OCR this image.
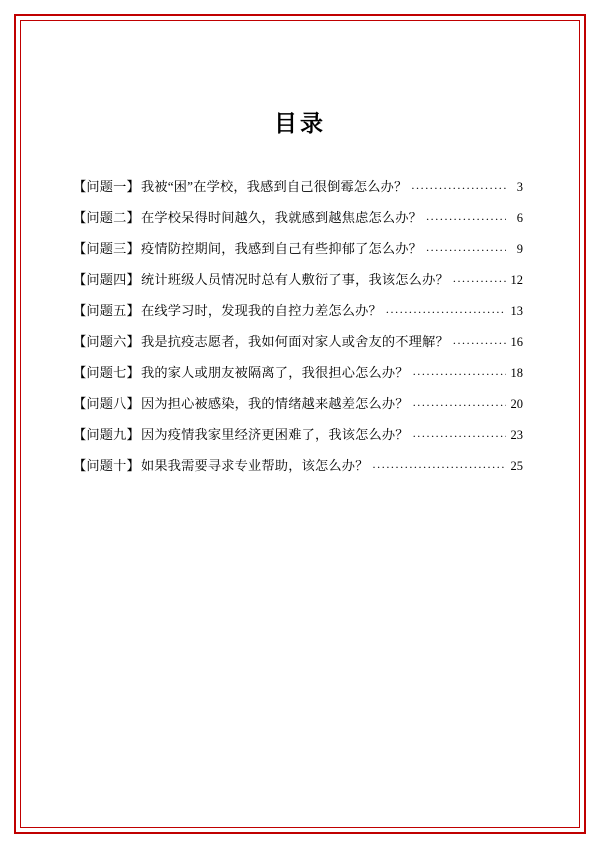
目录
【问题一】 我被“困”在学校，我感到自己很倒霉怎么办？ .....	3
【问题二】 在学校呆得时间越久，我就感到越焦虑怎么办？ .....	6
【问题三】 疫情防控期间，我感到自己有些抑郁了怎么办？ .....	9
【问题四】 统计班级人员情况时总有人敷衍了事，我该怎么办？ .....	12
【问题五】 在线学习时，发现我的自控力差怎么办？ .....	13
【问题六】 我是抗疫志愿者，我如何面对家人或舍友的不理解？ .....	16
【问题七】 我的家人或朋友被隔离了，我很担心怎么办？ .....	18
【问题八】 因为担心被感染，我的情绪越来越差怎么办？ .....	20
【问题九】 因为疫情我家里经济更困难了，我该怎么办？ .....	23
【问题十】 如果我需要寻求专业帮助，该怎么办？ .....	25
